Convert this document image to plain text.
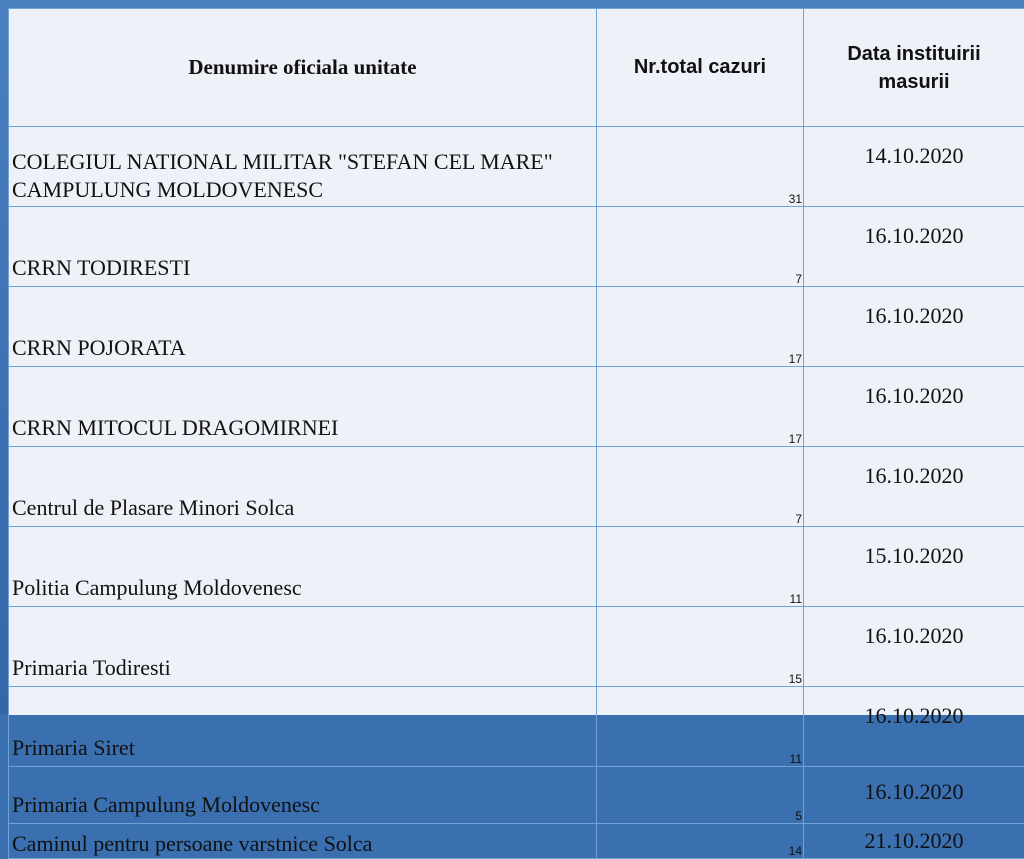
Denumire oficiala unitate	Nr.total cazuri	Data instituirii
masurii

COLEGIUL NATIONAL MILITAR "STEFAN CEL MARE" CAMPULUNG MOLDOVENESC	31	14.10.2020
CRRN TODIRESTI	7	16.10.2020
CRRN POJORATA	17	16.10.2020
CRRN MITOCUL DRAGOMIRNEI	17	16.10.2020
Centrul de Plasare Minori Solca	7	16.10.2020
Politia Campulung Moldovenesc	11	15.10.2020
Primaria Todiresti	15	16.10.2020
Primaria Siret	11	16.10.2020
Primaria Campulung Moldovenesc	5	16.10.2020
Caminul pentru persoane varstnice Solca	14	21.10.2020
